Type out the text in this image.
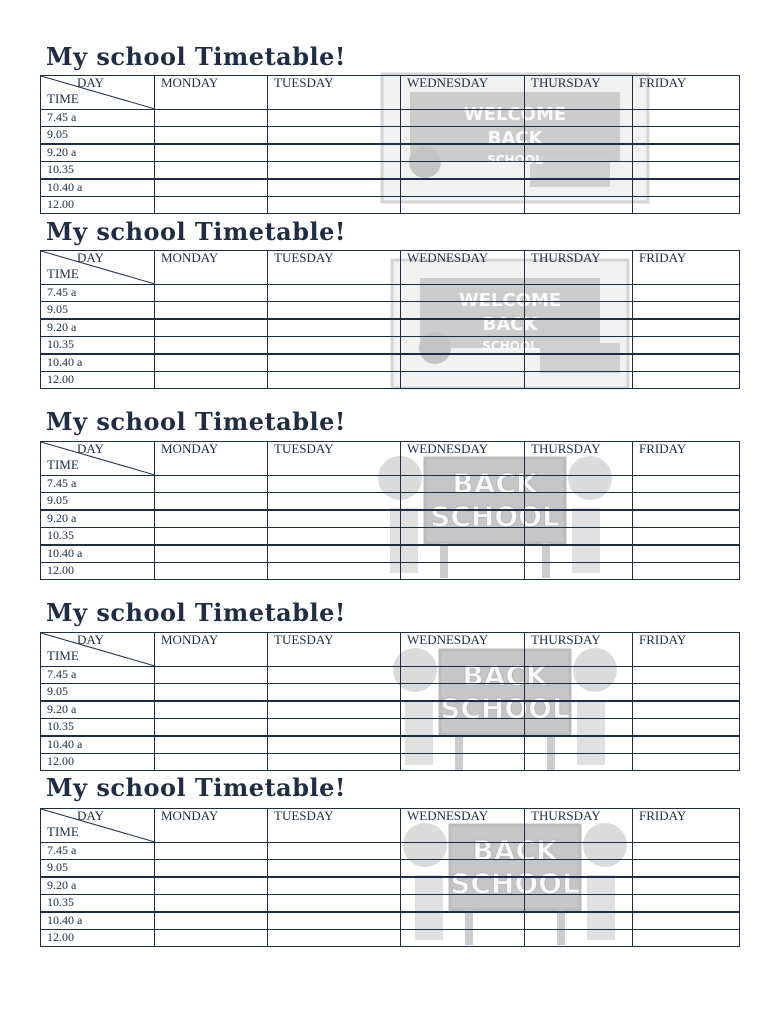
My school Timetable!
WELCOME
BACK
SCHOOL
DAY
TIME	MONDAY	TUESDAY	WEDNESDAY	THURSDAY	FRIDAY
7.45 a					
9.05					
9.20 a					
10.35					
10.40 a					
12.00					
My school Timetable!
WELCOME
BACK
SCHOOL
DAY
TIME	MONDAY	TUESDAY	WEDNESDAY	THURSDAY	FRIDAY
7.45 a					
9.05					
9.20 a					
10.35					
10.40 a					
12.00					
My school Timetable!
BACK
SCHOOL
DAY
TIME	MONDAY	TUESDAY	WEDNESDAY	THURSDAY	FRIDAY
7.45 a					
9.05					
9.20 a					
10.35					
10.40 a					
12.00					
My school Timetable!
BACK
SCHOOL
DAY
TIME	MONDAY	TUESDAY	WEDNESDAY	THURSDAY	FRIDAY
7.45 a					
9.05					
9.20 a					
10.35					
10.40 a					
12.00					
My school Timetable!
BACK
SCHOOL
DAY
TIME	MONDAY	TUESDAY	WEDNESDAY	THURSDAY	FRIDAY
7.45 a					
9.05					
9.20 a					
10.35					
10.40 a					
12.00					
